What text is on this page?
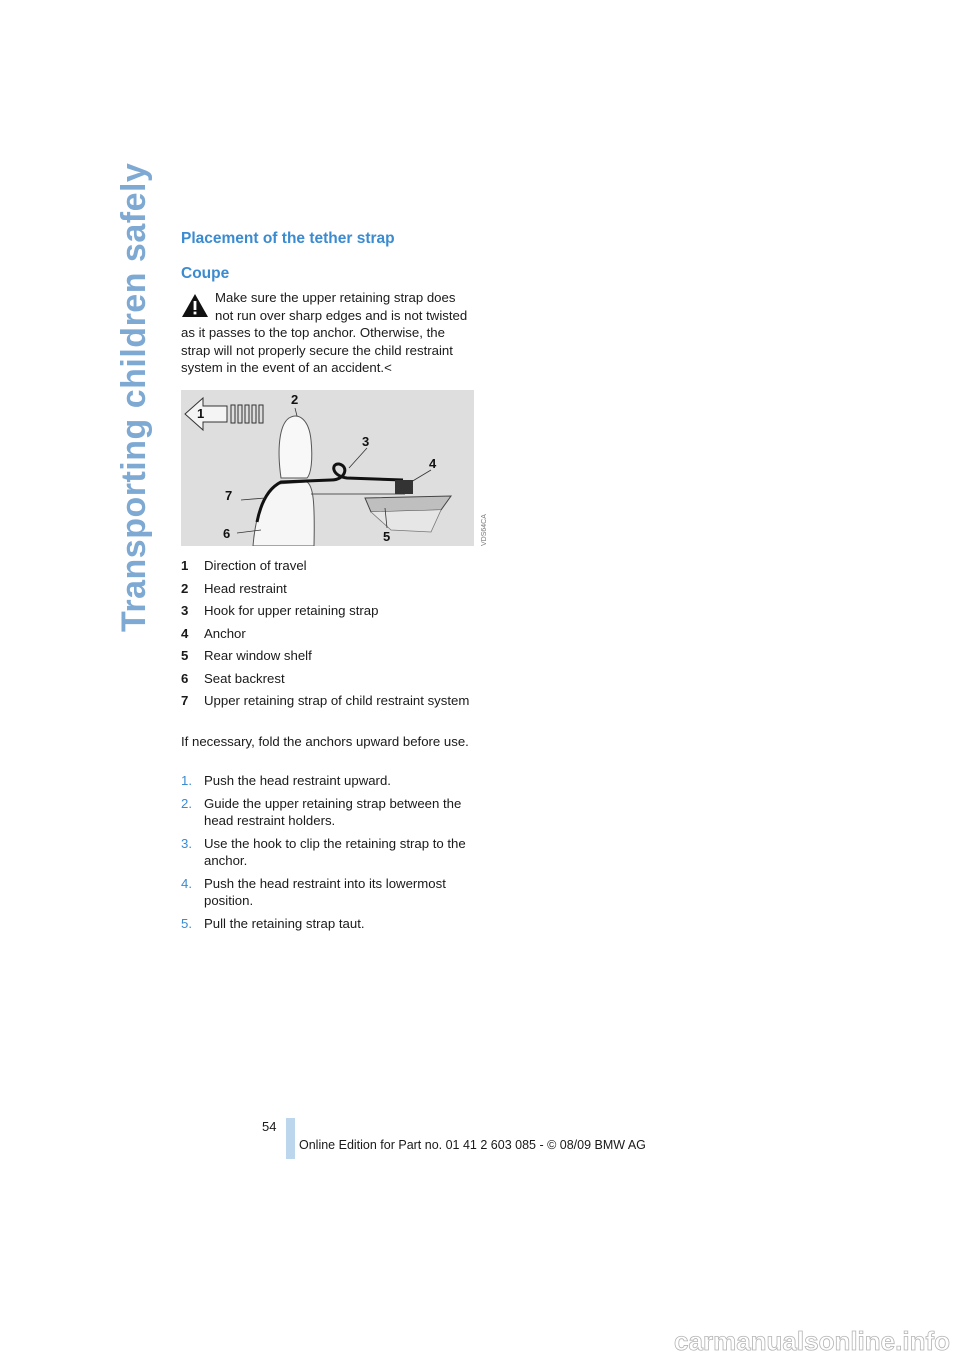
Transporting children safely Placement of the tether strap
Coupe

Make sure the upper retaining strap does not run over sharp edges and is not twisted as it passes to the top anchor. Otherwise, the strap will not properly secure the child restraint system in the event of an accident.<

1
2
3
4
5
6
7
VDS64CA
1 Direction of travel
2 Head restraint
3 Hook for upper retaining strap
4 Anchor
5 Rear window shelf
6 Seat backrest
7 Upper retaining strap of child restraint system

If necessary, fold the anchors upward before use.

1. Push the head restraint upward.
2. Guide the upper retaining strap between the head restraint holders.
3. Use the hook to clip the retaining strap to the anchor.
4. Push the head restraint into its lowermost position.
5. Pull the retaining strap taut.
54
Online Edition for Part no. 01 41 2 603 085 - © 08/09 BMW AG
carmanualsonline.info
